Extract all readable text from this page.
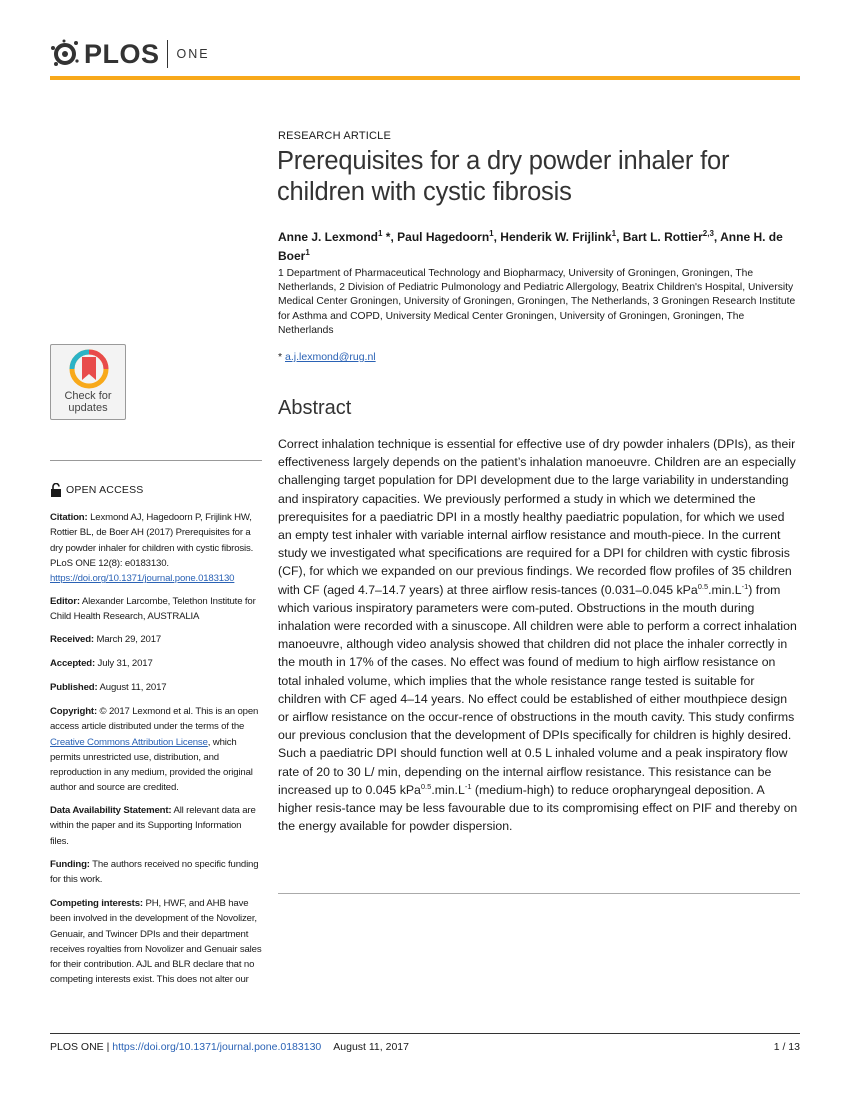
PLOS ONE
RESEARCH ARTICLE
Prerequisites for a dry powder inhaler for
children with cystic fibrosis
Anne J. Lexmond$^1$ *, Paul Hagedoorn$^1$, Henderik W. Frijlink$^1$, Bart L. Rottier$^{2,3}$, Anne H. de Boer$^1$
1 Department of Pharmaceutical Technology and Biopharmacy, University of Groningen, Groningen, The Netherlands, 2 Division of Pediatric Pulmonology and Pediatric Allergology, Beatrix Children's Hospital, University Medical Center Groningen, University of Groningen, Groningen, The Netherlands, 3 Groningen Research Institute for Asthma and COPD, University Medical Center Groningen, University of Groningen, Groningen, The Netherlands
* a.j.lexmond@rug.nl
Check for
updates
OPEN ACCESS
Citation: Lexmond AJ, Hagedoorn P, Frijlink HW, Rottier BL, de Boer AH (2017) Prerequisites for a dry powder inhaler for children with cystic fibrosis. PLoS ONE 12(8): e0183130. https://doi.org/10.1371/journal.pone.0183130
Editor: Alexander Larcombe, Telethon Institute for Child Health Research, AUSTRALIA
Received: March 29, 2017
Accepted: July 31, 2017
Published: August 11, 2017
Copyright: © 2017 Lexmond et al. This is an open access article distributed under the terms of the Creative Commons Attribution License, which permits unrestricted use, distribution, and reproduction in any medium, provided the original author and source are credited.
Data Availability Statement: All relevant data are within the paper and its Supporting Information files.
Funding: The authors received no specific funding for this work.
Competing interests: PH, HWF, and AHB have been involved in the development of the Novolizer, Genuair, and Twincer DPIs and their department receives royalties from Novolizer and Genuair sales for their contribution. AJL and BLR declare that no competing interests exist. This does not alter our
Abstract

Correct inhalation technique is essential for effective use of dry powder inhalers (DPIs), as their effectiveness largely depends on the patient’s inhalation manoeuvre. Children are an especially challenging target population for DPI development due to the large variability in understanding and inspiratory capacities. We previously performed a study in which we determined the prerequisites for a paediatric DPI in a mostly healthy paediatric population, for which we used an empty test inhaler with variable internal airflow resistance and mouth-piece. In the current study we investigated what specifications are required for a DPI for children with cystic fibrosis (CF), for which we expanded on our previous findings. We recorded flow profiles of 35 children with CF (aged 4.7–14.7 years) at three airflow resis-tances (0.031–0.045 $kPa^{0.5}.\min.L^{-1}$) from which various inspiratory parameters were com-puted. Obstructions in the mouth during inhalation were recorded with a sinuscope. All children were able to perform a correct inhalation manoeuvre, although video analysis showed that children did not place the inhaler correctly in the mouth in 17% of the cases. No effect was found of medium to high airflow resistance on total inhaled volume, which implies that the whole resistance range tested is suitable for children with CF aged 4–14 years. No effect could be established of either mouthpiece design or airflow resistance on the occur-rence of obstructions in the mouth cavity. This study confirms our previous conclusion that the development of DPIs specifically for children is highly desired. Such a paediatric DPI should function well at 0.5 L inhaled volume and a peak inspiratory flow rate of 20 to 30 L/ min, depending on the internal airflow resistance. This resistance can be increased up to 0.045 $kPa^{0.5}.\min.L^{-1}$ (medium-high) to reduce oropharyngeal deposition. A higher resis-tance may be less favourable due to its compromising effect on PIF and thereby on the energy available for powder dispersion.

PLOS ONE | https://doi.org/10.1371/journal.pone.0183130 August 11, 2017	1 / 13
